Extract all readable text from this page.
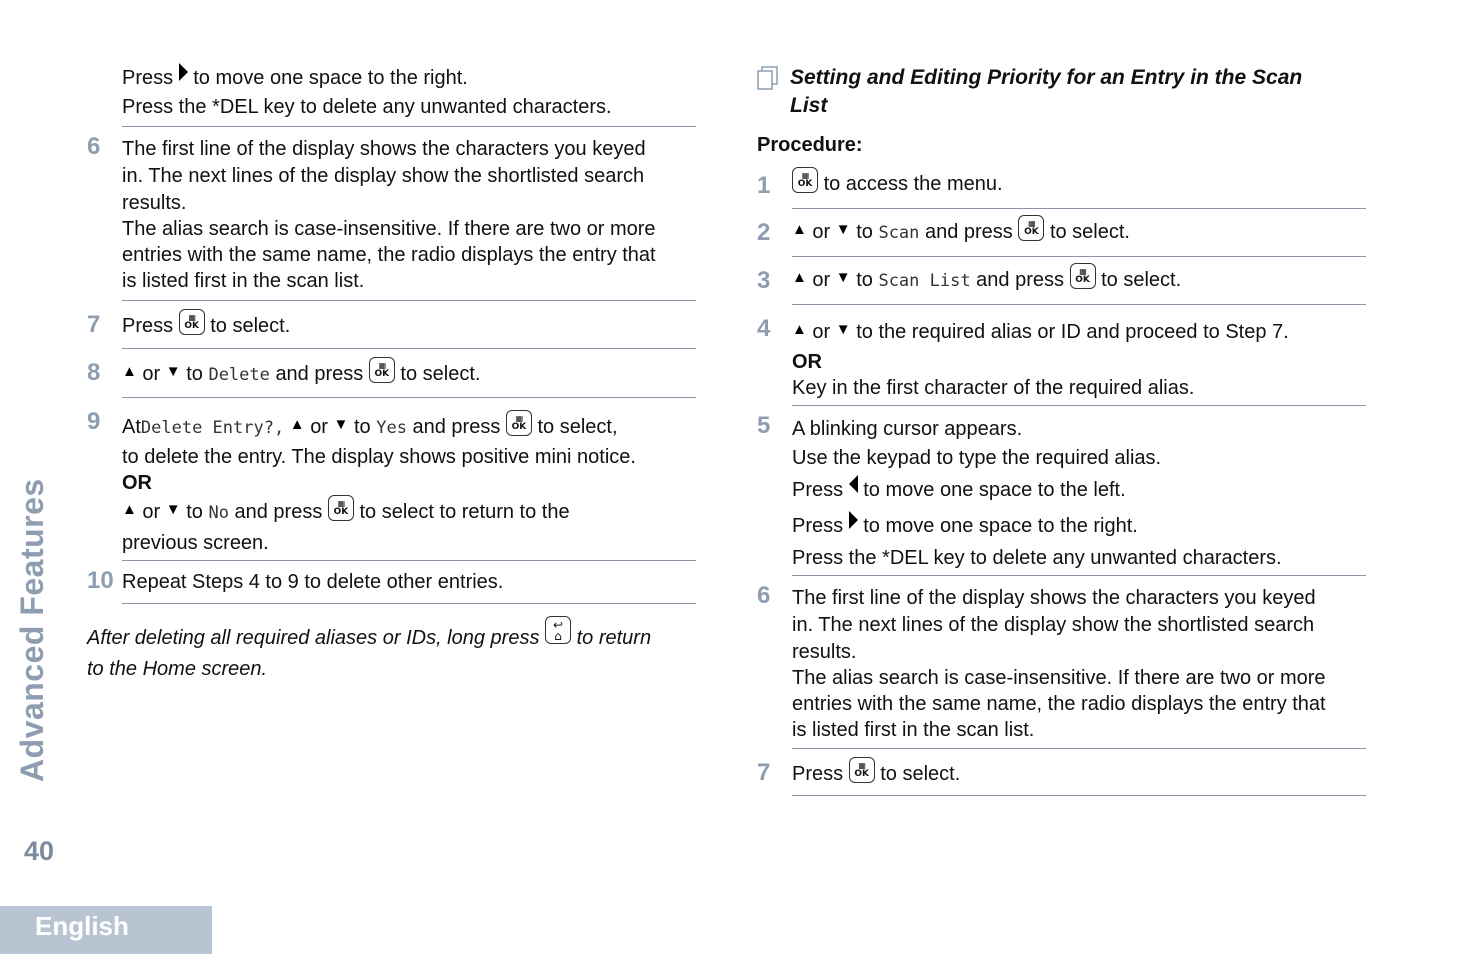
Advanced Features
40
English
Press to move one space to the right.
Press the *DEL key to delete any unwanted characters.
6 The first line of the display shows the characters you keyed
in. The next lines of the display show the shortlisted search
results.
The alias search is case-insensitive. If there are two or more
entries with the same name, the radio displays the entry that
is listed first in the scan list.
7 Press	▦
OK to select.
8 ▲ or ▼ to Delete and press	▦
OK to select.
9 AtDelete Entry?, ▲ or ▼ to Yes and press	▦
OK to select,
to delete the entry. The display shows positive mini notice.
OR
▲ or ▼ to No and press	▦
OK to select to return to the
previous screen.
10 Repeat Steps 4 to 9 to delete other entries.
After deleting all required aliases or IDs, long press ↩
⌂ to return
to the Home screen.
Setting and Editing Priority for an Entry in the Scan
List
Procedure:
1	▦
OK to access the menu.
2 ▲ or ▼ to Scan and press	▦
OK to select.
3 ▲ or ▼ to Scan List and press	▦
OK to select.
4 ▲ or ▼ to the required alias or ID and proceed to Step 7.
OR
Key in the first character of the required alias.
5 A blinking cursor appears.
Use the keypad to type the required alias.
Press to move one space to the left.
Press to move one space to the right.
Press the *DEL key to delete any unwanted characters.
6 The first line of the display shows the characters you keyed
in. The next lines of the display show the shortlisted search
results.
The alias search is case-insensitive. If there are two or more
entries with the same name, the radio displays the entry that
is listed first in the scan list.
7 Press	▦
OK to select.
